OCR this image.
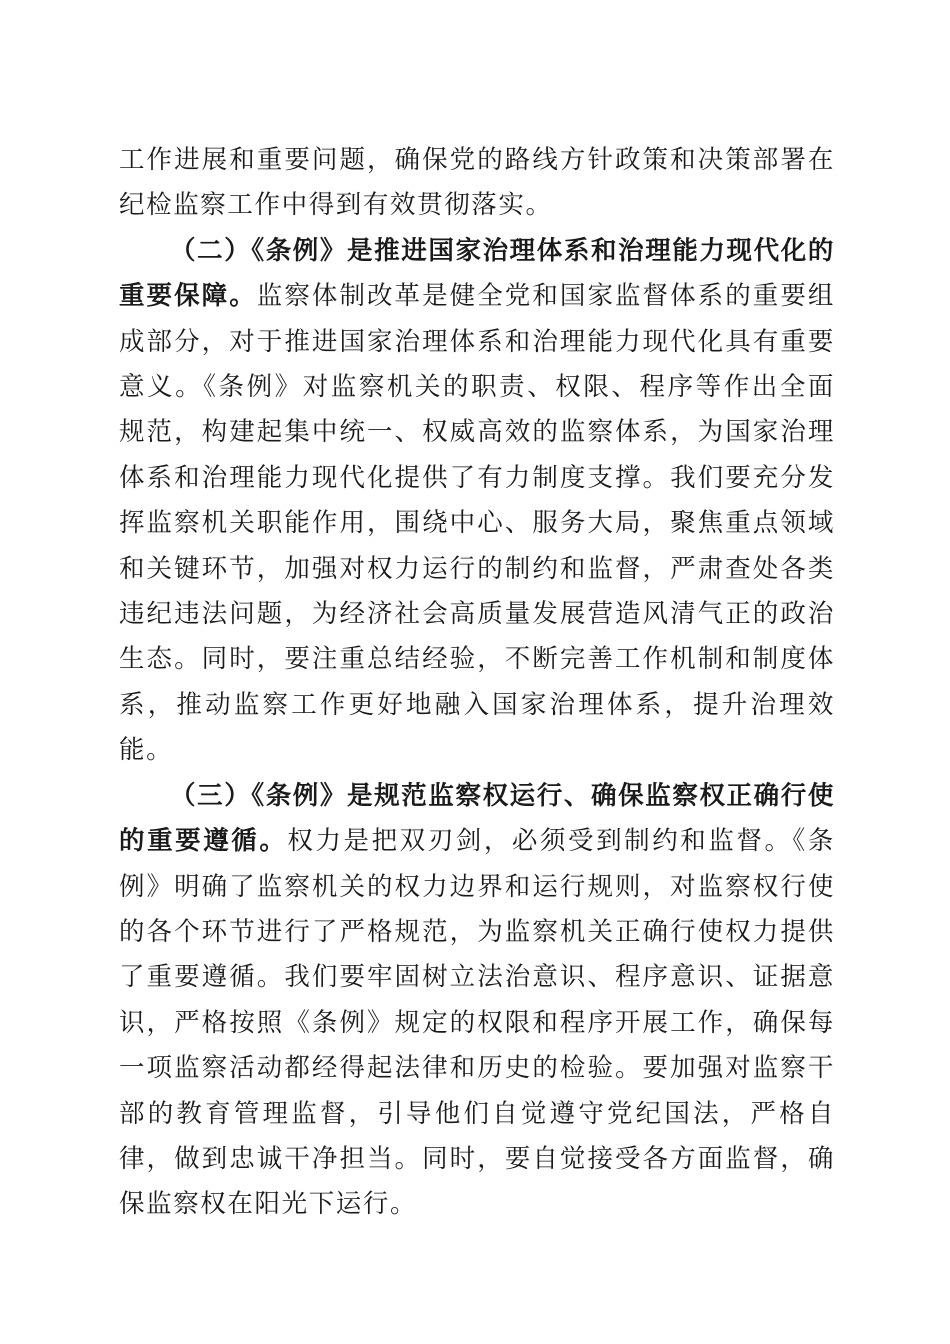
工作进展和重要问题，确保党的路线方针政策和决策部署在纪检监察工作中得到有效贯彻落实。

（二）《条例》是推进国家治理体系和治理能力现代化的重要保障。监察体制改革是健全党和国家监督体系的重要组成部分，对于推进国家治理体系和治理能力现代化具有重要意义。《条例》对监察机关的职责、权限、程序等作出全面规范，构建起集中统一、权威高效的监察体系，为国家治理体系和治理能力现代化提供了有力制度支撑。我们要充分发挥监察机关职能作用，围绕中心、服务大局，聚焦重点领域和关键环节，加强对权力运行的制约和监督，严肃查处各类违纪违法问题，为经济社会高质量发展营造风清气正的政治生态。同时，要注重总结经验，不断完善工作机制和制度体系，推动监察工作更好地融入国家治理体系，提升治理效能。

（三）《条例》是规范监察权运行、确保监察权正确行使的重要遵循。权力是把双刃剑，必须受到制约和监督。《条例》明确了监察机关的权力边界和运行规则，对监察权行使的各个环节进行了严格规范，为监察机关正确行使权力提供了重要遵循。我们要牢固树立法治意识、程序意识、证据意识，严格按照《条例》规定的权限和程序开展工作，确保每一项监察活动都经得起法律和历史的检验。要加强对监察干部的教育管理监督，引导他们自觉遵守党纪国法，严格自律，做到忠诚干净担当。同时，要自觉接受各方面监督，确保监察权在阳光下运行。
